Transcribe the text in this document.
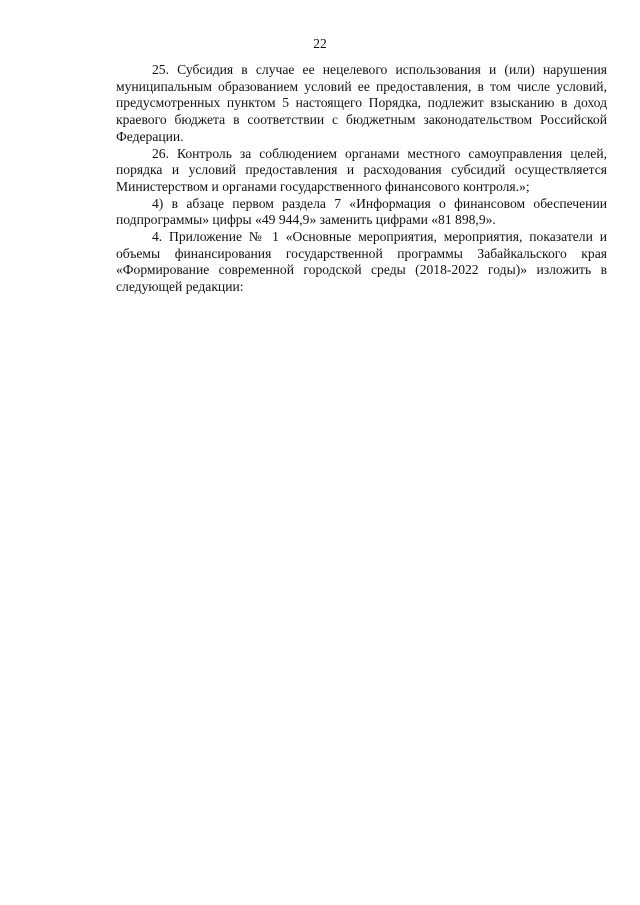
22

25. Субсидия в случае ее нецелевого использования и (или) нарушения муниципальным образованием условий ее предоставления, в том числе условий, предусмотренных пунктом 5 настоящего Порядка, подлежит взысканию в доход краевого бюджета в соответствии с бюджетным законодательством Российской Федерации.

26. Контроль за соблюдением органами местного самоуправления целей, порядка и условий предоставления и расходования субсидий осуществляется Министерством и органами государственного финансового контроля.»;

4) в абзаце первом раздела 7 «Информация о финансовом обеспечении подпрограммы» цифры «49 944,9» заменить цифрами «81 898,9».

4. Приложение № 1 «Основные мероприятия, мероприятия, показатели и объемы финансирования государственной программы Забайкальского края «Формирование современной городской среды (2018-2022 годы)» изложить в следующей редакции:
